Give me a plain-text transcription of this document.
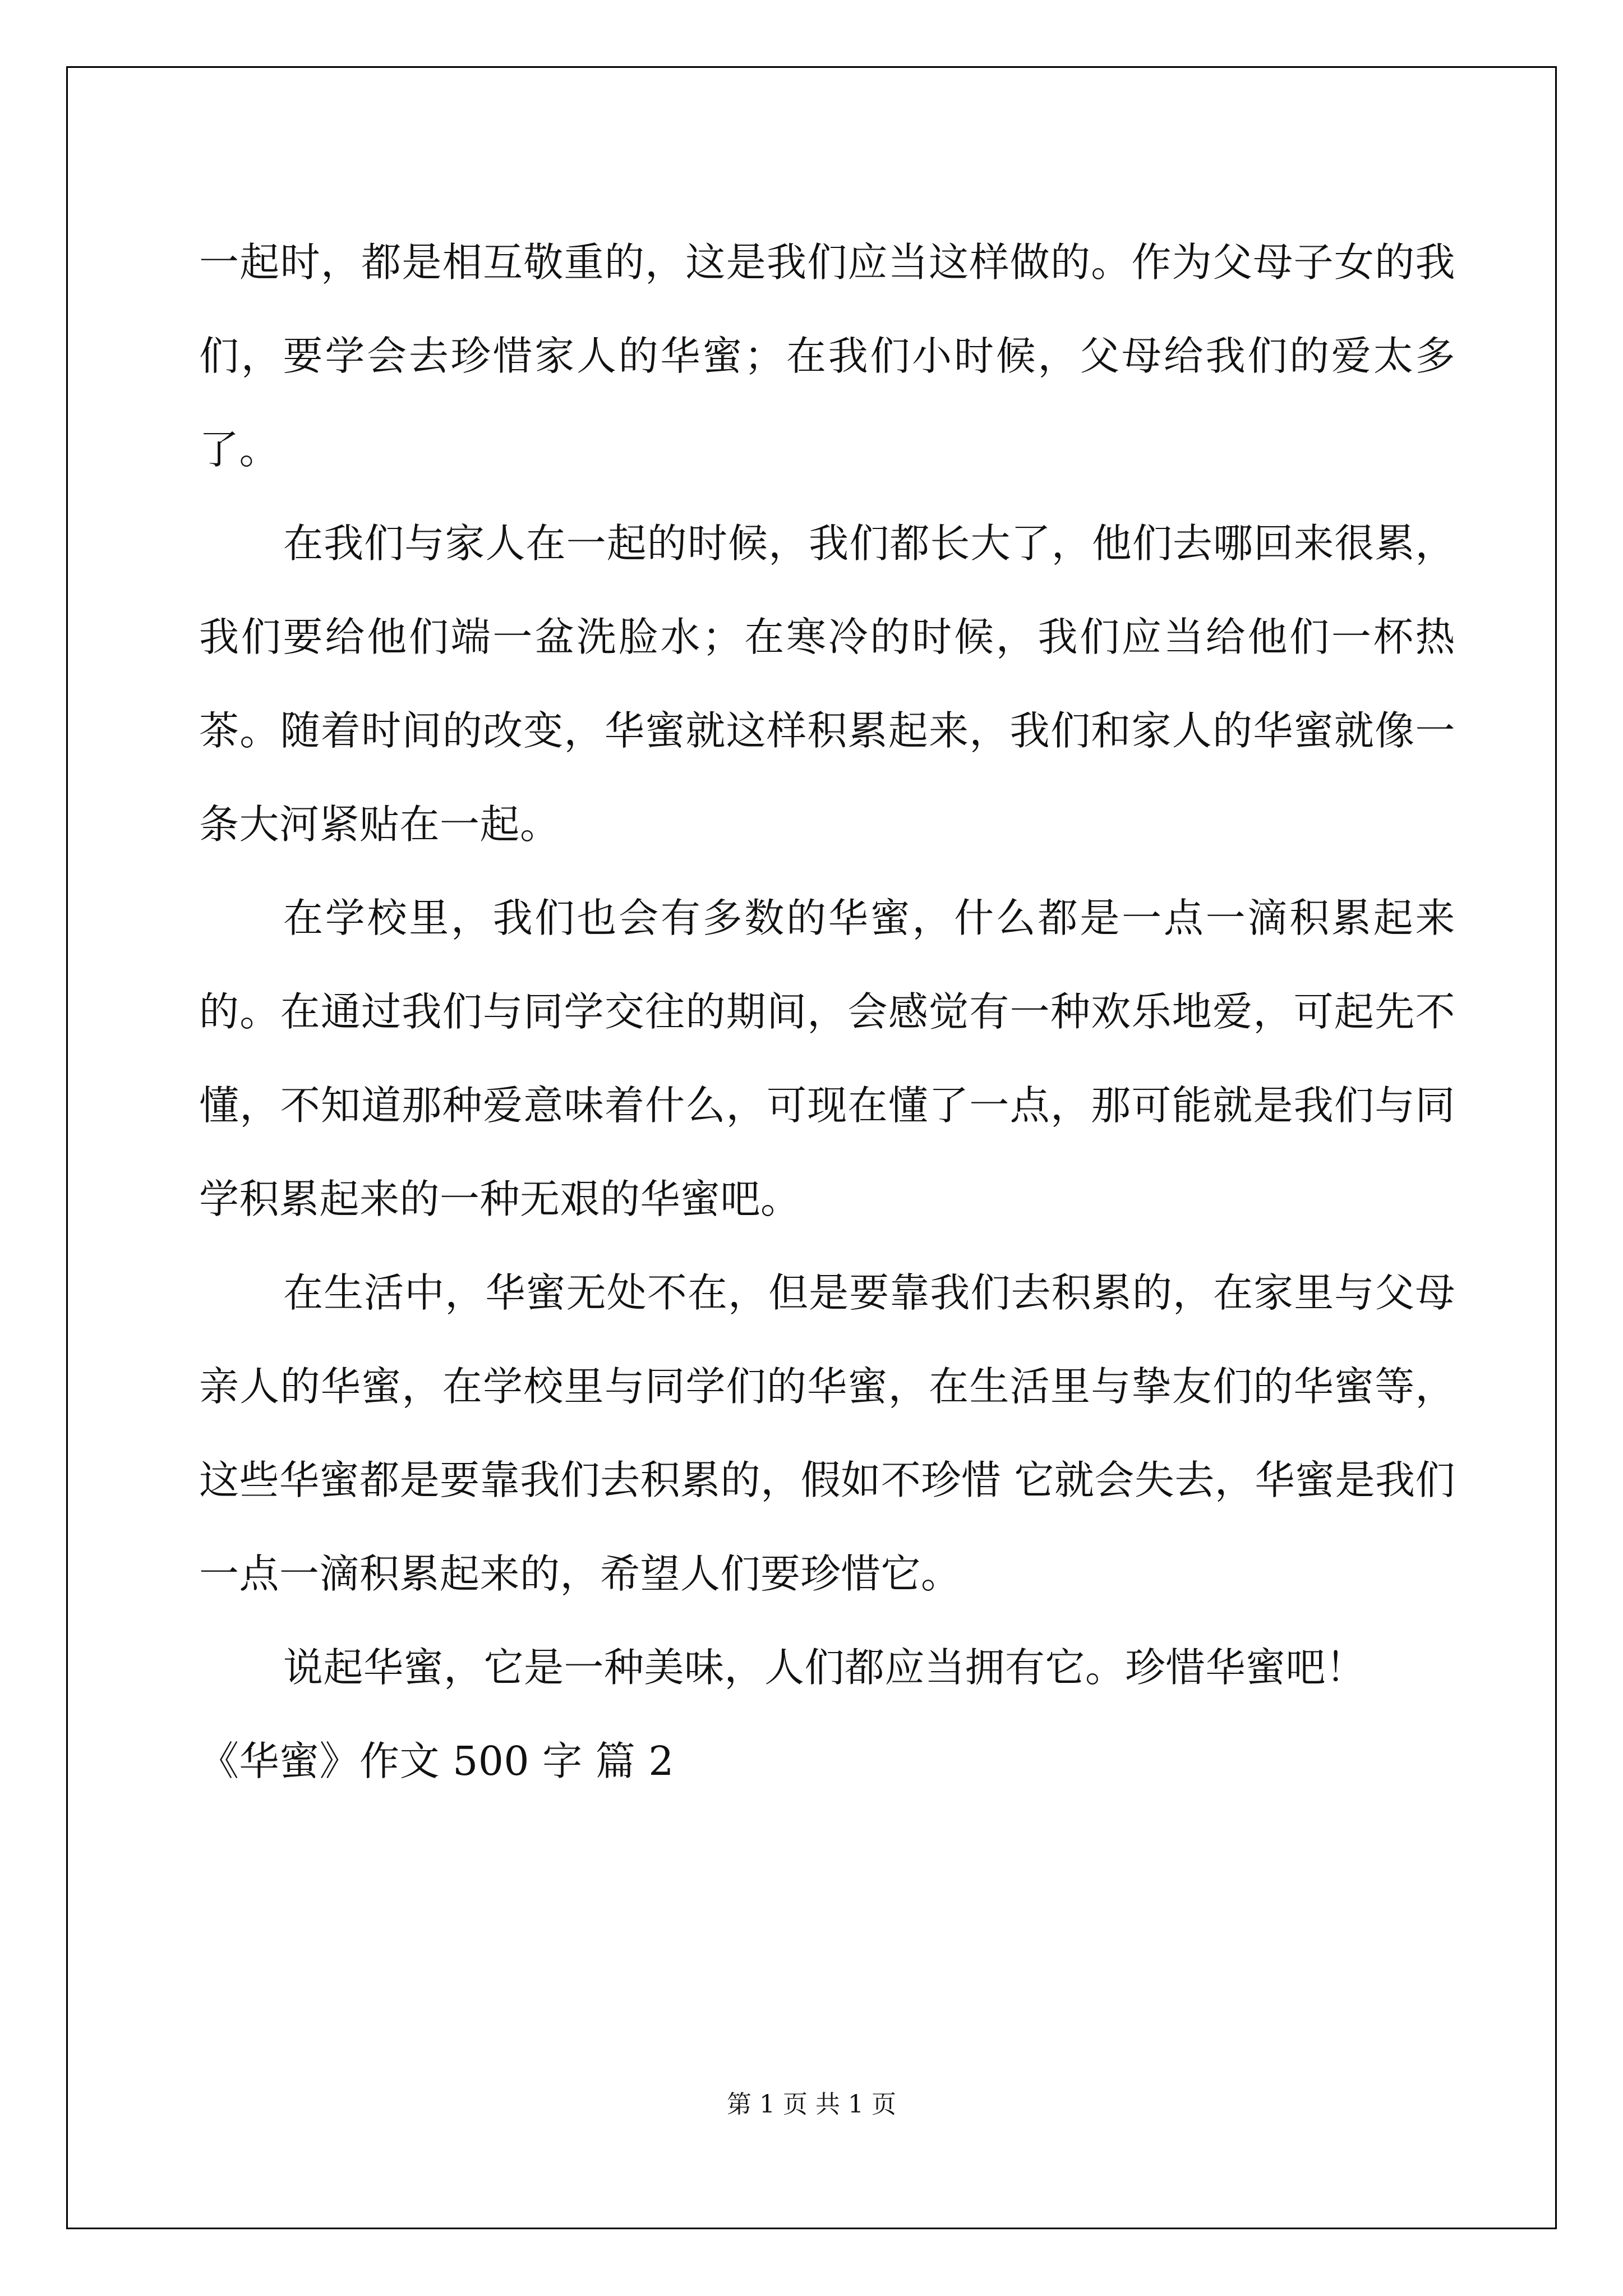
一起时，都是相互敬重的，这是我们应当这样做的。作为父母子女的我们，要学会去珍惜家人的华蜜；在我们小时候，父母给我们的爱太多了。

在我们与家人在一起的时候，我们都长大了，他们去哪回来很累，我们要给他们端一盆洗脸水；在寒冷的时候，我们应当给他们一杯热茶。随着时间的改变，华蜜就这样积累起来，我们和家人的华蜜就像一条大河紧贴在一起。

在学校里，我们也会有多数的华蜜，什么都是一点一滴积累起来的。在通过我们与同学交往的期间，会感觉有一种欢乐地爱，可起先不懂，不知道那种爱意味着什么，可现在懂了一点，那可能就是我们与同学积累起来的一种无艰的华蜜吧。

在生活中，华蜜无处不在，但是要靠我们去积累的，在家里与父母亲人的华蜜，在学校里与同学们的华蜜，在生活里与挚友们的华蜜等，这些华蜜都是要靠我们去积累的，假如不珍惜 它就会失去，华蜜是我们一点一滴积累起来的，希望人们要珍惜它。

说起华蜜，它是一种美味，人们都应当拥有它。珍惜华蜜吧！

《华蜜》作文 500 字 篇 2

第 1 页 共 1 页
